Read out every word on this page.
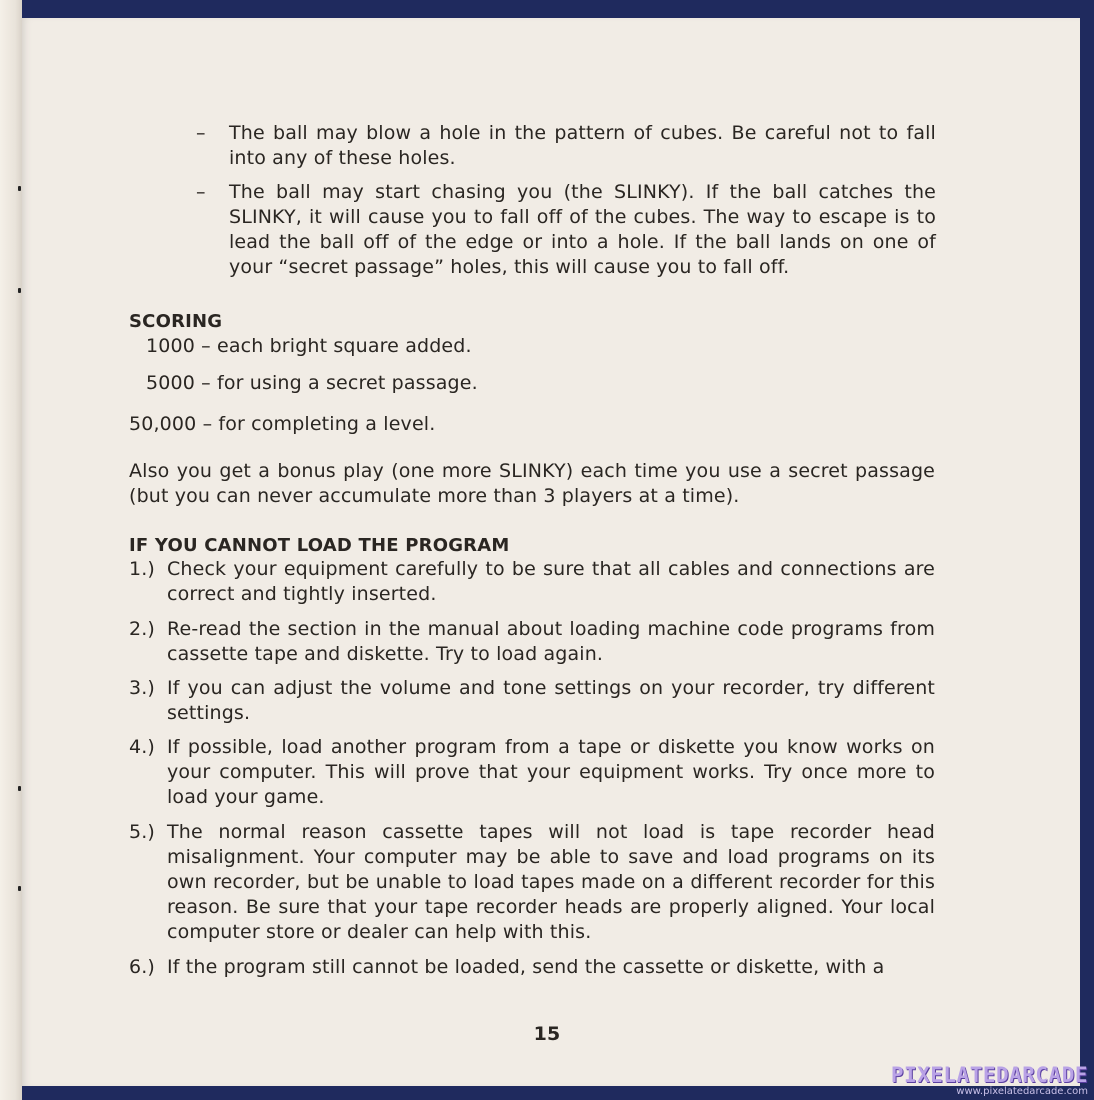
– The ball may blow a hole in the pattern of cubes. Be careful not to fall into any of these holes.
– The ball may start chasing you (the SLINKY). If the ball catches the SLINKY, it will cause you to fall off of the cubes. The way to escape is to lead the ball off of the edge or into a hole. If the ball lands on one of your “secret passage” holes, this will cause you to fall off.
SCORING
1000 – each bright square added.
5000 – for using a secret passage.
50,000 – for completing a level.
Also you get a bonus play (one more SLINKY) each time you use a secret passage (but you can never accumulate more than 3 players at a time).
IF YOU CANNOT LOAD THE PROGRAM
1.) Check your equipment carefully to be sure that all cables and connections are correct and tightly inserted.
2.) Re-read the section in the manual about loading machine code programs from cassette tape and diskette. Try to load again.
3.) If you can adjust the volume and tone settings on your recorder, try different settings.
4.) If possible, load another program from a tape or diskette you know works on your computer. This will prove that your equipment works. Try once more to load your game.
5.) The normal reason cassette tapes will not load is tape recorder head misalignment. Your computer may be able to save and load programs on its own recorder, but be unable to load tapes made on a different recorder for this reason. Be sure that your tape recorder heads are properly aligned. Your local computer store or dealer can help with this.
6.) If the program still cannot be loaded, send the cassette or diskette, with a
15
PIXELATEDARCADE
www.pixelatedarcade.com
